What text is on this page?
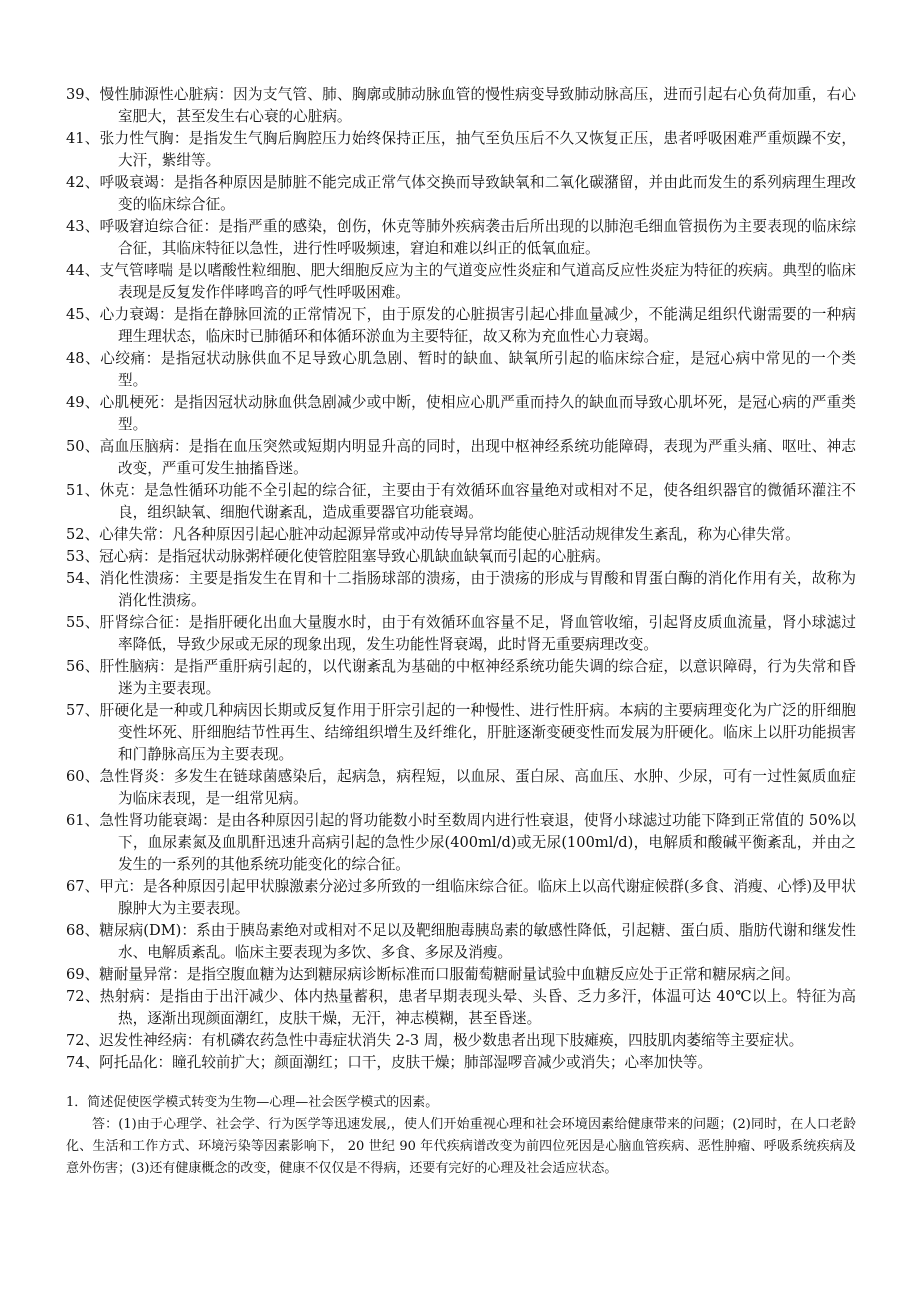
39、慢性肺源性心脏病：因为支气管、肺、胸廓或肺动脉血管的慢性病变导致肺动脉高压，进而引起右心负荷加重，右心室肥大，甚至发生右心衰的心脏病。

41、张力性气胸：是指发生气胸后胸腔压力始终保持正压，抽气至负压后不久又恢复正压，患者呼吸困难严重烦躁不安，大汗，紫绀等。

42、呼吸衰竭：是指各种原因是肺脏不能完成正常气体交换而导致缺氧和二氧化碳潴留，并由此而发生的系列病理生理改变的临床综合征。

43、呼吸窘迫综合征：是指严重的感染，创伤，休克等肺外疾病袭击后所出现的以肺泡毛细血管损伤为主要表现的临床综合征，其临床特征以急性，进行性呼吸频速，窘迫和难以纠正的低氧血症。

44、支气管哮喘 是以嗜酸性粒细胞、肥大细胞反应为主的气道变应性炎症和气道高反应性炎症为特征的疾病。典型的临床表现是反复发作伴哮鸣音的呼气性呼吸困难。

45、心力衰竭：是指在静脉回流的正常情况下，由于原发的心脏损害引起心排血量减少，不能满足组织代谢需要的一种病理生理状态，临床时已肺循环和体循环淤血为主要特征，故又称为充血性心力衰竭。

48、心绞痛：是指冠状动脉供血不足导致心肌急剧、暂时的缺血、缺氧所引起的临床综合症，是冠心病中常见的一个类型。

49、心肌梗死：是指因冠状动脉血供急剧减少或中断，使相应心肌严重而持久的缺血而导致心肌坏死，是冠心病的严重类型。

50、高血压脑病：是指在血压突然或短期内明显升高的同时，出现中枢神经系统功能障碍，表现为严重头痛、呕吐、神志改变，严重可发生抽搐昏迷。

51、休克：是急性循环功能不全引起的综合征，主要由于有效循环血容量绝对或相对不足，使各组织器官的微循环灌注不良，组织缺氧、细胞代谢紊乱，造成重要器官功能衰竭。

52、心律失常：凡各种原因引起心脏冲动起源异常或冲动传导异常均能使心脏活动规律发生紊乱，称为心律失常。

53、冠心病：是指冠状动脉粥样硬化使管腔阻塞导致心肌缺血缺氧而引起的心脏病。

54、消化性溃疡：主要是指发生在胃和十二指肠球部的溃疡，由于溃疡的形成与胃酸和胃蛋白酶的消化作用有关，故称为消化性溃疡。

55、肝肾综合征：是指肝硬化出血大量腹水时，由于有效循环血容量不足，肾血管收缩，引起肾皮质血流量，肾小球滤过率降低，导致少尿或无尿的现象出现，发生功能性肾衰竭，此时肾无重要病理改变。

56、肝性脑病：是指严重肝病引起的，以代谢紊乱为基础的中枢神经系统功能失调的综合症，以意识障碍，行为失常和昏迷为主要表现。

57、肝硬化是一种或几种病因长期或反复作用于肝宗引起的一种慢性、进行性肝病。本病的主要病理变化为广泛的肝细胞变性坏死、肝细胞结节性再生、结缔组织增生及纤维化，肝脏逐渐变硬变性而发展为肝硬化。临床上以肝功能损害和门静脉高压为主要表现。

60、急性肾炎：多发生在链球菌感染后，起病急，病程短，以血尿、蛋白尿、高血压、水肿、少尿，可有一过性氮质血症为临床表现，是一组常见病。

61、急性肾功能衰竭：是由各种原因引起的肾功能数小时至数周内进行性衰退，使肾小球滤过功能下降到正常值的 50%以下，血尿素氮及血肌酐迅速升高病引起的急性少尿(400ml/d)或无尿(100ml/d)，电解质和酸碱平衡紊乱，并由之发生的一系列的其他系统功能变化的综合征。

67、甲亢：是各种原因引起甲状腺激素分泌过多所致的一组临床综合征。临床上以高代谢症候群(多食、消瘦、心悸)及甲状腺肿大为主要表现。

68、糖尿病(DM)：系由于胰岛素绝对或相对不足以及靶细胞毒胰岛素的敏感性降低，引起糖、蛋白质、脂肪代谢和继发性水、电解质紊乱。临床主要表现为多饮、多食、多尿及消瘦。

69、糖耐量异常：是指空腹血糖为达到糖尿病诊断标准而口服葡萄糖耐量试验中血糖反应处于正常和糖尿病之间。

72、热射病：是指由于出汗减少、体内热量蓄积，患者早期表现头晕、头昏、乏力多汗，体温可达 40℃以上。特征为高热，逐渐出现颜面潮红，皮肤干燥，无汗，神志模糊，甚至昏迷。

72、迟发性神经病：有机磷农药急性中毒症状消失 2-3 周，极少数患者出现下肢瘫痪，四肢肌肉萎缩等主要症状。

74、阿托品化：瞳孔较前扩大；颜面潮红；口干，皮肤干燥；肺部湿啰音减少或消失；心率加快等。

1．简述促使医学模式转变为生物—心理—社会医学模式的因素。

答：(1)由于心理学、社会学、行为医学等迅速发展,，使人们开始重视心理和社会环境因素给健康带来的问题；(2)同时，在人口老龄化、生活和工作方式、环境污染等因素影响下， 20 世纪 90 年代疾病谱改变为前四位死因是心脑血管疾病、恶性肿瘤、呼吸系统疾病及意外伤害；(3)还有健康概念的改变，健康不仅仅是不得病，还要有完好的心理及社会适应状态。
